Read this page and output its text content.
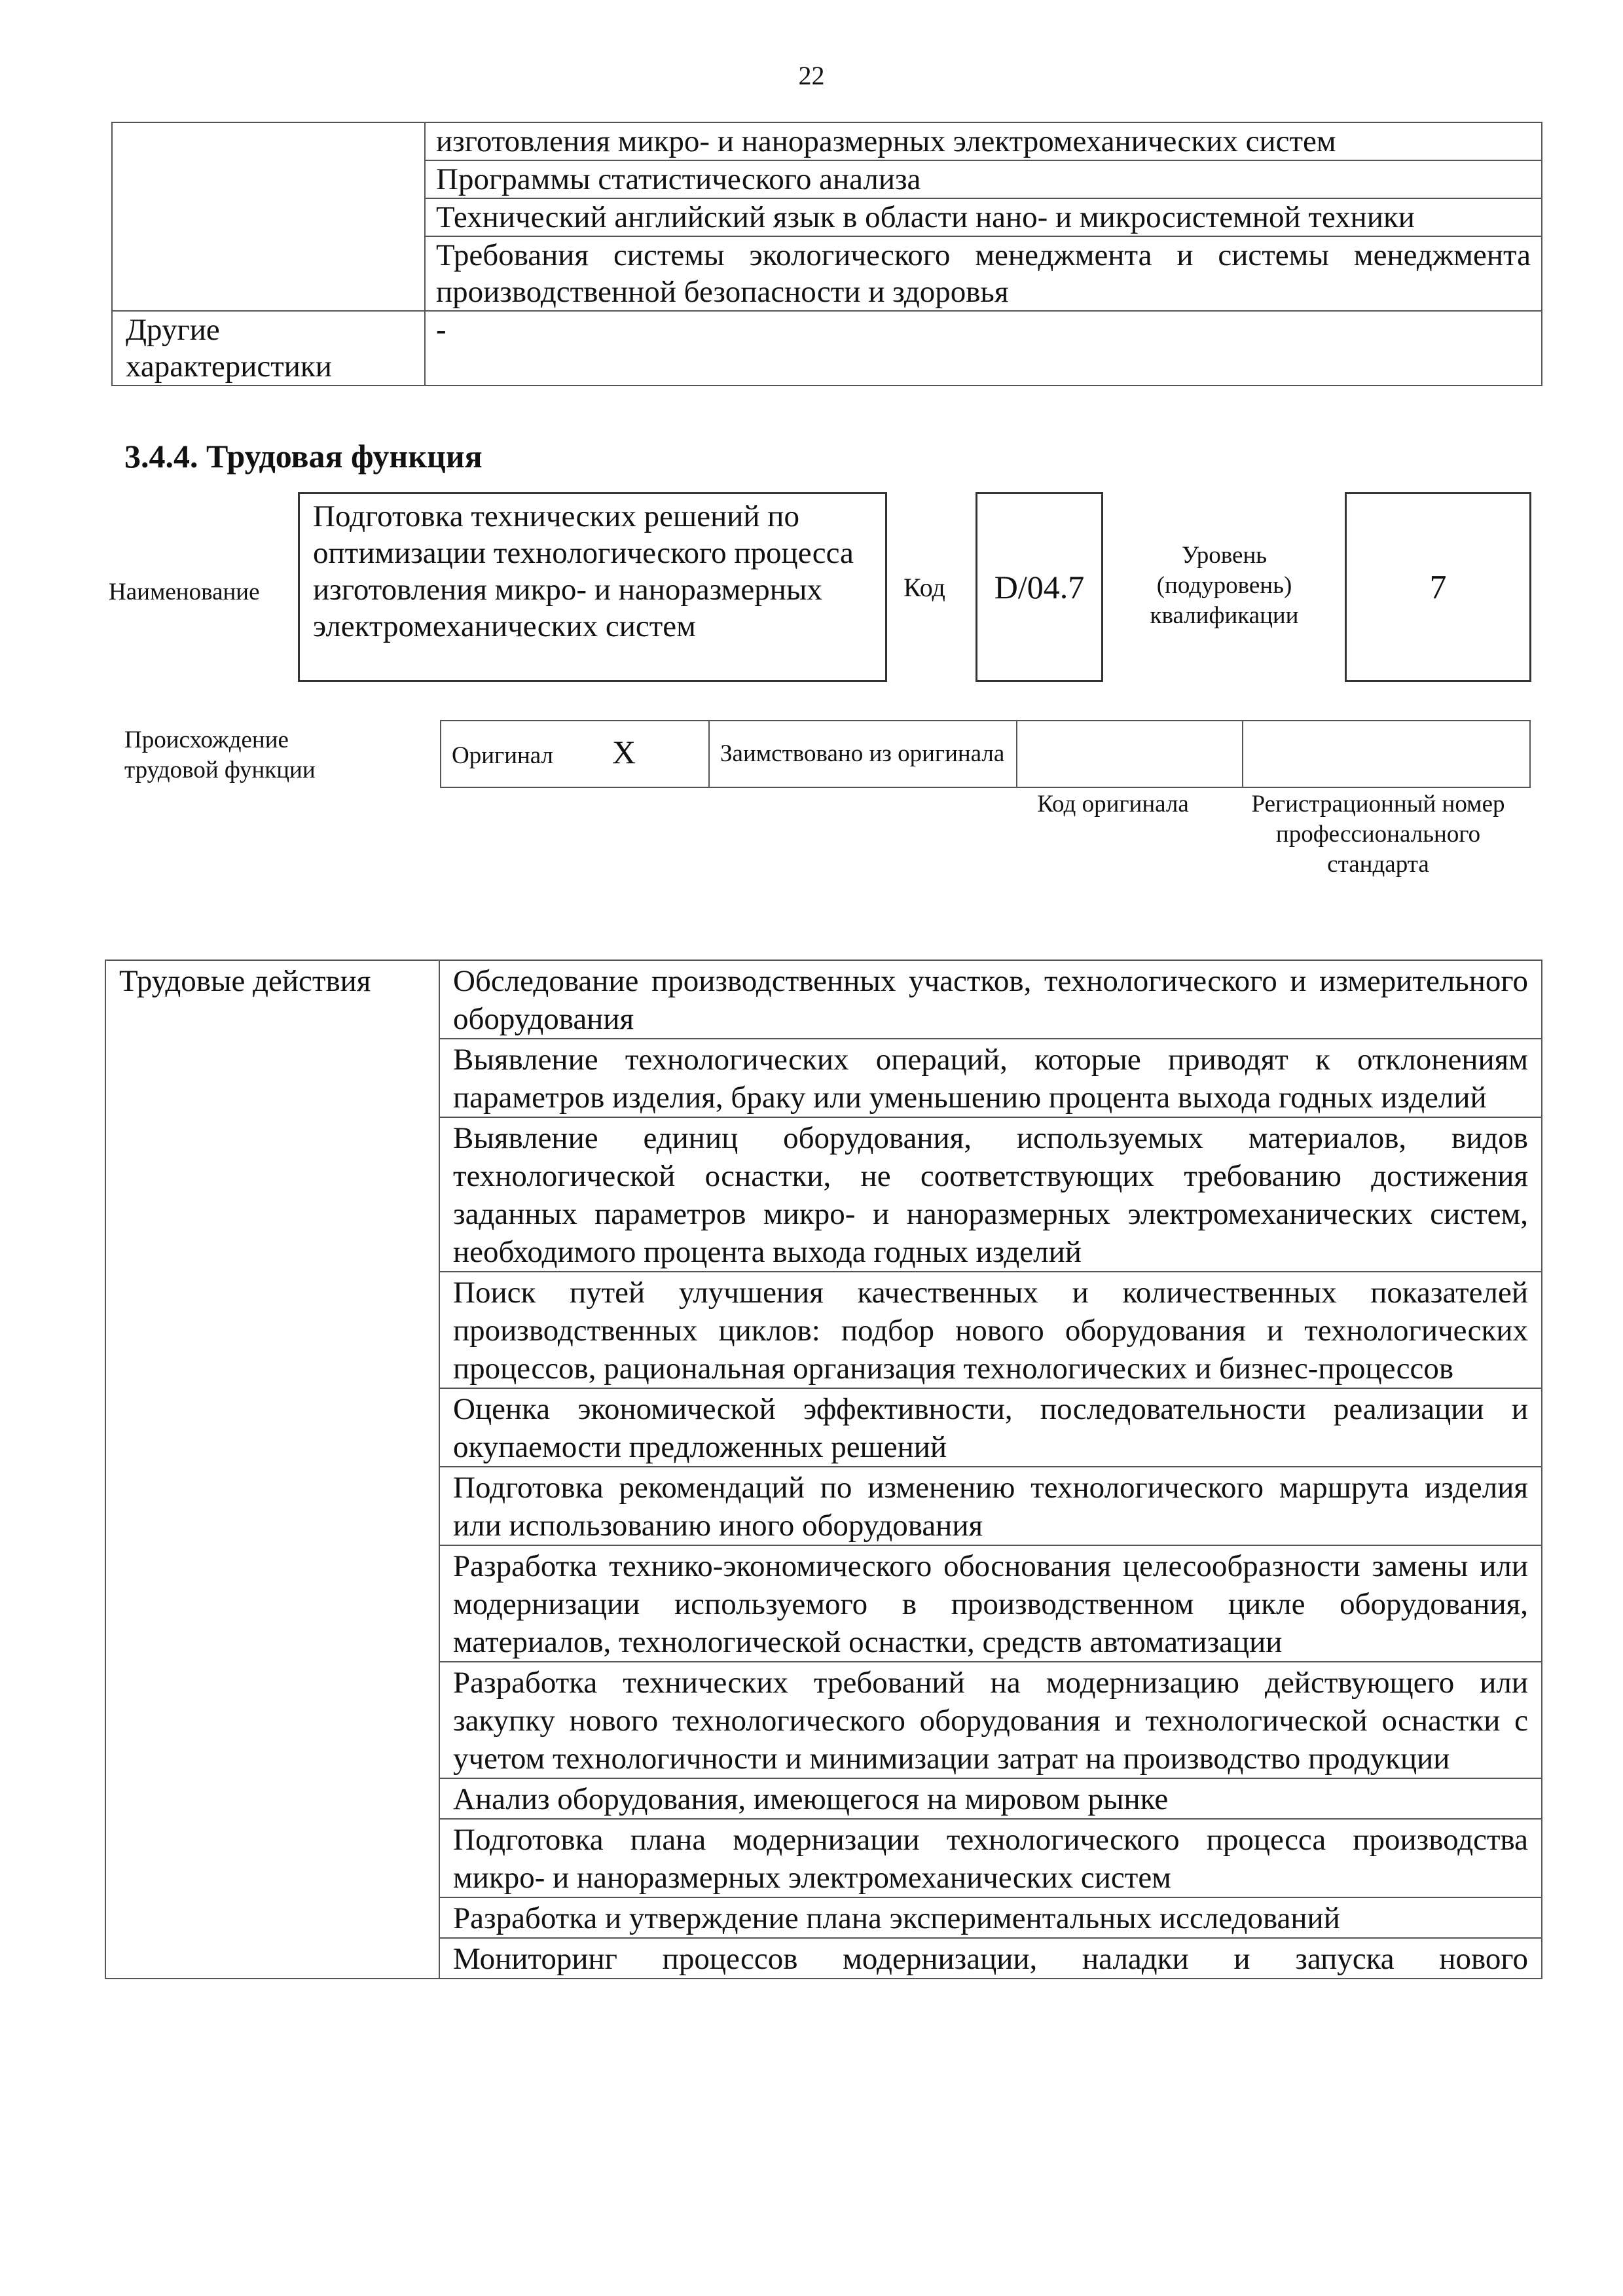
22
	изготовления микро- и наноразмерных электромеханических систем
	Программы статистического анализа
	Технический английский язык в области нано- и микросистемной техники
	Требования системы экологического менеджмента и системы менеджмента производственной безопасности и здоровья
Другие характеристики	-
3.4.4. Трудовая функция
Наименование
Подготовка технических решений по оптимизации технологического процесса изготовления микро- и наноразмерных электромеханических систем
Код	D/04.7
Уровень (подуровень) квалификации
7
Происхождение трудовой функции
Оригинал X	Заимствовано из оригинала		
Код оригинала	Регистрационный номер профессионального стандарта
Трудовые действия	Обследование производственных участков, технологического и измерительного оборудования
Выявление технологических операций, которые приводят к отклонениям параметров изделия, браку или уменьшению процента выхода годных изделий
Выявление единиц оборудования, используемых материалов, видов технологической оснастки, не соответствующих требованию достижения заданных параметров микро- и наноразмерных электромеханических систем, необходимого процента выхода годных изделий
Поиск путей улучшения качественных и количественных показателей производственных циклов: подбор нового оборудования и технологических процессов, рациональная организация технологических и бизнес-процессов
Оценка экономической эффективности, последовательности реализации и окупаемости предложенных решений
Подготовка рекомендаций по изменению технологического маршрута изделия или использованию иного оборудования
Разработка технико-экономического обоснования целесообразности замены или модернизации используемого в производственном цикле оборудования, материалов, технологической оснастки, средств автоматизации
Разработка технических требований на модернизацию действующего или закупку нового технологического оборудования и технологической оснастки с учетом технологичности и минимизации затрат на производство продукции
Анализ оборудования, имеющегося на мировом рынке
Подготовка плана модернизации технологического процесса производства микро- и наноразмерных электромеханических систем
Разработка и утверждение плана экспериментальных исследований
Мониторинг процессов модернизации, наладки и запуска нового
